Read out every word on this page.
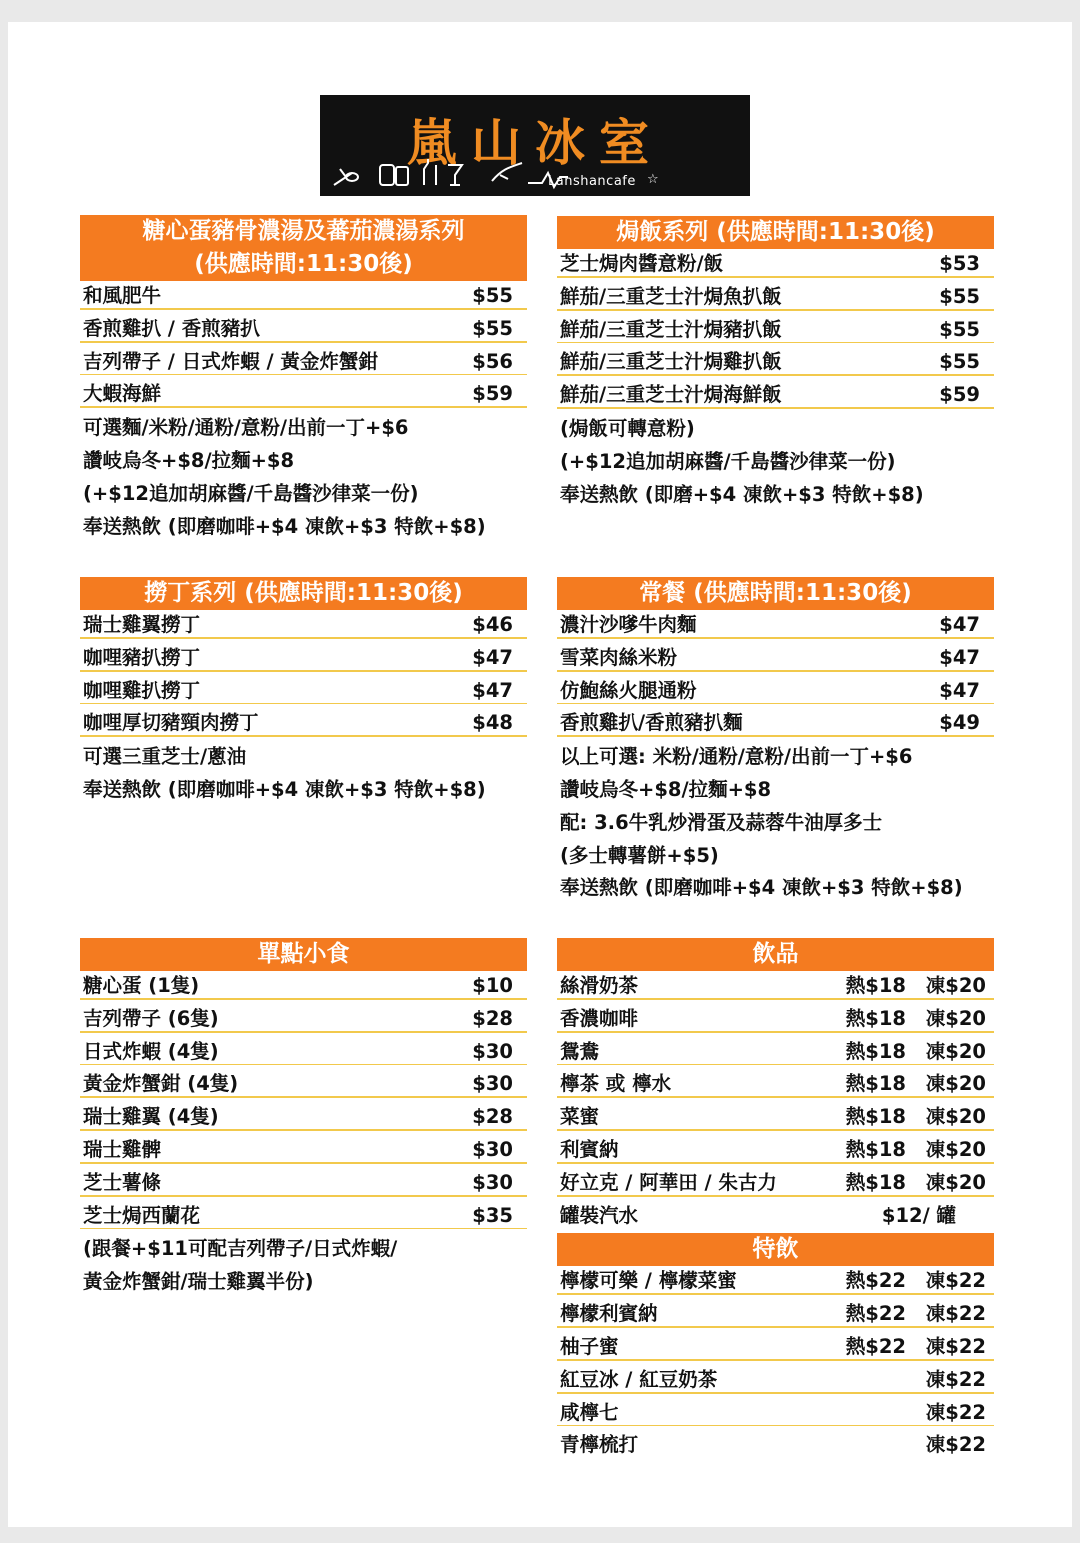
嵐山冰室
Lanshancafe ☆
糖心蛋豬骨濃湯及蕃茄濃湯系列
(供應時間:11:30後)
和風肥牛	$55
香煎雞扒 / 香煎豬扒	$55
吉列帶子 / 日式炸蝦 / 黃金炸蟹鉗	$56
大蝦海鮮	$59
可選麵/米粉/通粉/意粉/出前一丁+$6
讚岐烏冬+$8/拉麵+$8
(+$12追加胡麻醬/千島醬沙律菜一份)
奉送熱飲 (即磨咖啡+$4 凍飲+$3 特飲+$8)
焗飯系列 (供應時間:11:30後)
芝士焗肉醬意粉/飯	$53
鮮茄/三重芝士汁焗魚扒飯	$55
鮮茄/三重芝士汁焗豬扒飯	$55
鮮茄/三重芝士汁焗雞扒飯	$55
鮮茄/三重芝士汁焗海鮮飯	$59
(焗飯可轉意粉)
(+$12追加胡麻醬/千島醬沙律菜一份)
奉送熱飲 (即磨+$4 凍飲+$3 特飲+$8)
撈丁系列 (供應時間:11:30後)
瑞士雞翼撈丁	$46
咖哩豬扒撈丁	$47
咖哩雞扒撈丁	$47
咖哩厚切豬頸肉撈丁	$48
可選三重芝士/蔥油
奉送熱飲 (即磨咖啡+$4 凍飲+$3 特飲+$8)
常餐 (供應時間:11:30後)
濃汁沙嗲牛肉麵	$47
雪菜肉絲米粉	$47
仿鮑絲火腿通粉	$47
香煎雞扒/香煎豬扒麵	$49
以上可選: 米粉/通粉/意粉/出前一丁+$6
讚岐烏冬+$8/拉麵+$8
配: 3.6牛乳炒滑蛋及蒜蓉牛油厚多士
(多士轉薯餅+$5)
奉送熱飲 (即磨咖啡+$4 凍飲+$3 特飲+$8)
單點小食
糖心蛋 (1隻)	$10
吉列帶子 (6隻)	$28
日式炸蝦 (4隻)	$30
黃金炸蟹鉗 (4隻)	$30
瑞士雞翼 (4隻)	$28
瑞士雞髀	$30
芝士薯條	$30
芝士焗西蘭花	$35
(跟餐+$11可配吉列帶子/日式炸蝦/
黃金炸蟹鉗/瑞士雞翼半份)
飲品
絲滑奶茶	熱$18 凍$20
香濃咖啡	熱$18 凍$20
鴛鴦	熱$18 凍$20
檸茶 或 檸水	熱$18 凍$20
菜蜜	熱$18 凍$20
利賓納	熱$18 凍$20
好立克 / 阿華田 / 朱古力	熱$18 凍$20
罐裝汽水	$12/ 罐
特飲
檸檬可樂 / 檸檬菜蜜	熱$22 凍$22
檸檬利賓納	熱$22 凍$22
柚子蜜	熱$22 凍$22
紅豆冰 / 紅豆奶茶	凍$22
咸檸七	凍$22
青檸梳打	凍$22
